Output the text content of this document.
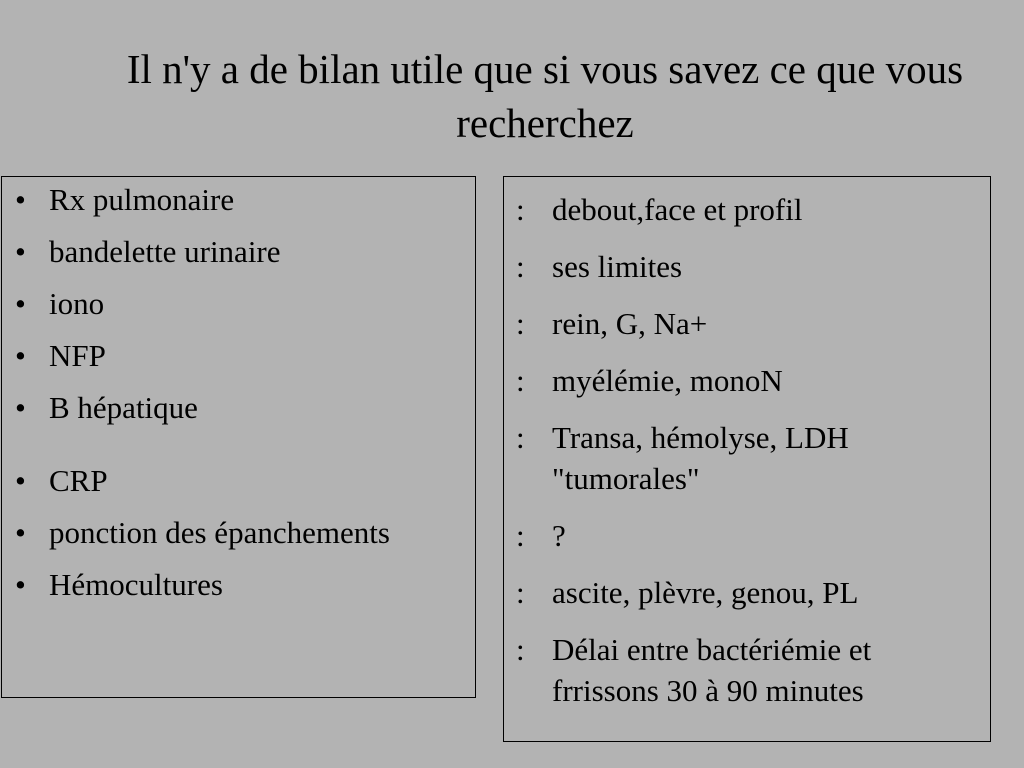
Il n'y a de bilan utile que si vous savez ce que vous recherchez
• Rx pulmonaire
• bandelette urinaire
• iono
• NFP
• B hépatique
• CRP
• ponction des épanchements
• Hémocultures
: debout,face et profil
: ses limites
: rein, G, Na+
: myélémie, monoN
: Transa, hémolyse, LDH "tumorales"
: ?
: ascite, plèvre, genou, PL
: Délai entre bactériémie et frrissons 30 à 90 minutes
